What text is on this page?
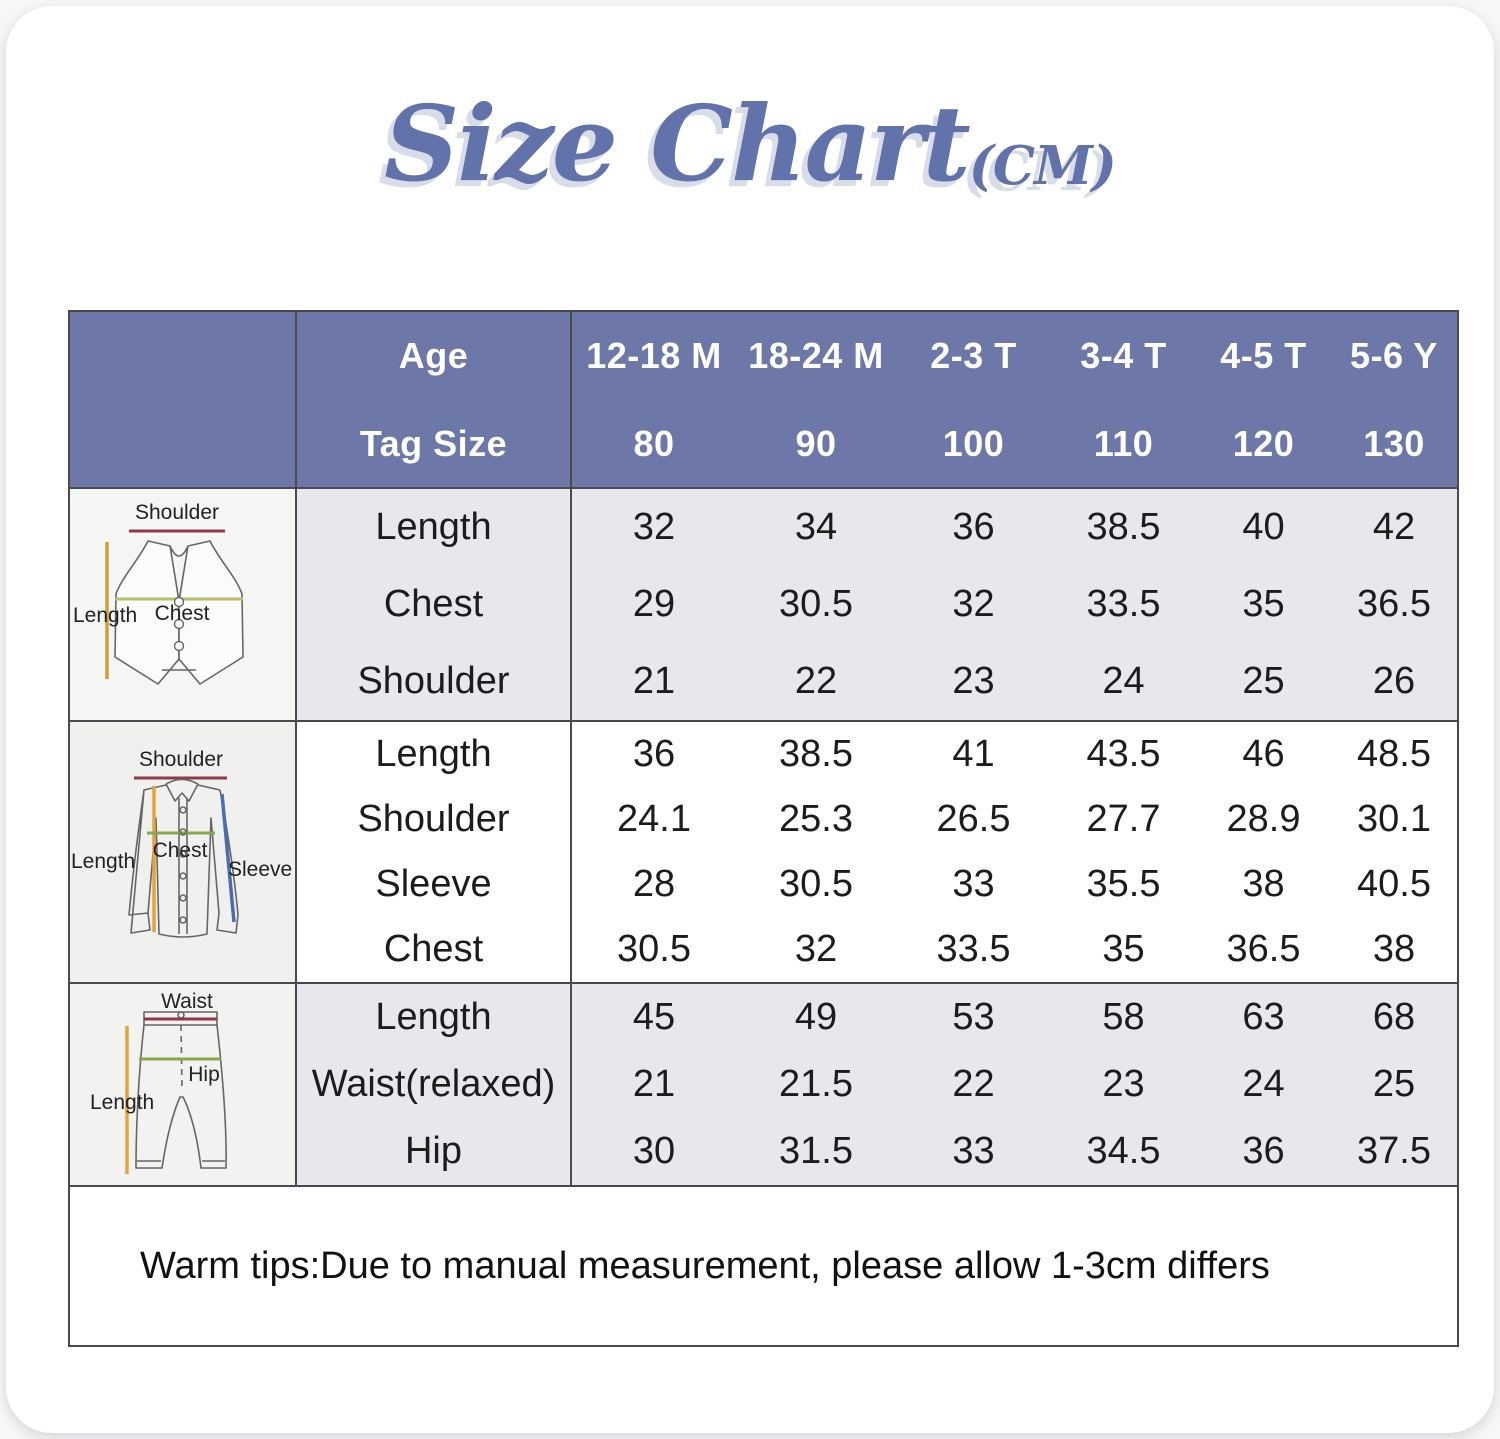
Size Chart(CM)
	Age	12-18 M	18-24 M	2-3 T	3-4 T	4-5 T	5-6 Y
	Tag Size	80	90	100	110	120	130

Shoulder
Length Chest	Length	32	34	36	38.5	40	42
	Chest	29	30.5	32	33.5	35	36.5
	Shoulder	21	22	23	24	25	26

Shoulder
Length Chest
Sleeve	Length	36	38.5	41	43.5	46	48.5
	Shoulder	24.1	25.3	26.5	27.7	28.9	30.1
	Sleeve	28	30.5	33	35.5	38	40.5
	Chest	30.5	32	33.5	35	36.5	38

Waist
Hip
Length	Length	45	49	53	58	63	68
	Waist(relaxed)	21	21.5	22	23	24	25
	Hip	30	31.5	33	34.5	36	37.5
Warm tips:Due to manual measurement, please allow 1-3cm differs							
